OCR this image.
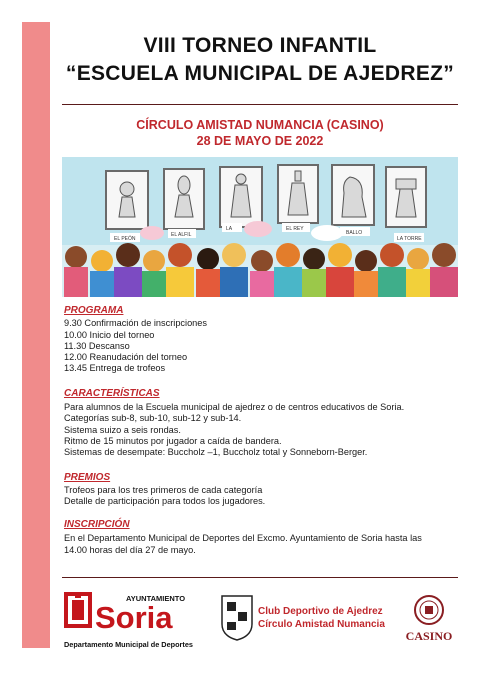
VIII TORNEO INFANTIL
“ESCUELA MUNICIPAL DE AJEDREZ”
CÍRCULO AMISTAD NUMANCIA (CASINO)
28 DE MAYO DE 2022
EL PEÓN
EL ALFIL
LA	EL REY
BALLO
LA TORRE
PROGRAMA
9.30 Confirmación de inscripciones
10.00 Inicio del torneo
11.30 Descanso
12.00 Reanudación del torneo
13.45 Entrega de trofeos
CARACTERÍSTICAS
Para alumnos de la Escuela municipal de ajedrez o de centros educativos de Soria.
Categorías sub-8, sub-10, sub-12 y sub-14.
Sistema suizo a seis rondas.
Ritmo de 15 minutos por jugador a caída de bandera.
Sistemas de desempate: Buccholz –1, Buccholz total y Sonneborn-Berger.
PREMIOS
Trofeos para los tres primeros de cada categoría
Detalle de participación para todos los jugadores.
INSCRIPCIÓN
En el Departamento Municipal de Deportes del Excmo. Ayuntamiento de Soria hasta las
14.00 horas del día 27 de mayo.
AYUNTAMIENTO
Soria
Departamento Municipal de Deportes
Club Deportivo de Ajedrez
Círculo Amistad Numancia
CASINO
